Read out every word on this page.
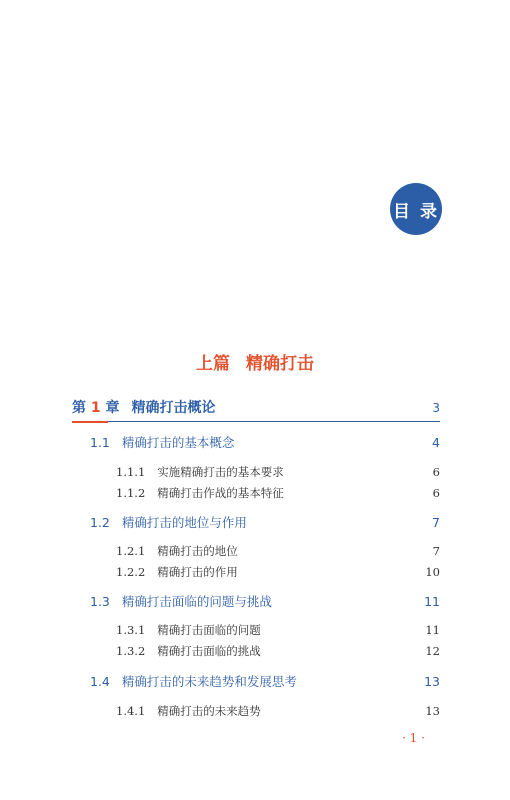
目 录
上篇 精确打击
第 1 章 精确打击概论	3
1.1 精确打击的基本概念	4
1.1.1 实施精确打击的基本要求	6
1.1.2 精确打击作战的基本特征	6
1.2 精确打击的地位与作用	7
1.2.1 精确打击的地位	7
1.2.2 精确打击的作用	10
1.3 精确打击面临的问题与挑战	11
1.3.1 精确打击面临的问题	11
1.3.2 精确打击面临的挑战	12
1.4 精确打击的未来趋势和发展思考	13
1.4.1 精确打击的未来趋势	13
· 1 ·
